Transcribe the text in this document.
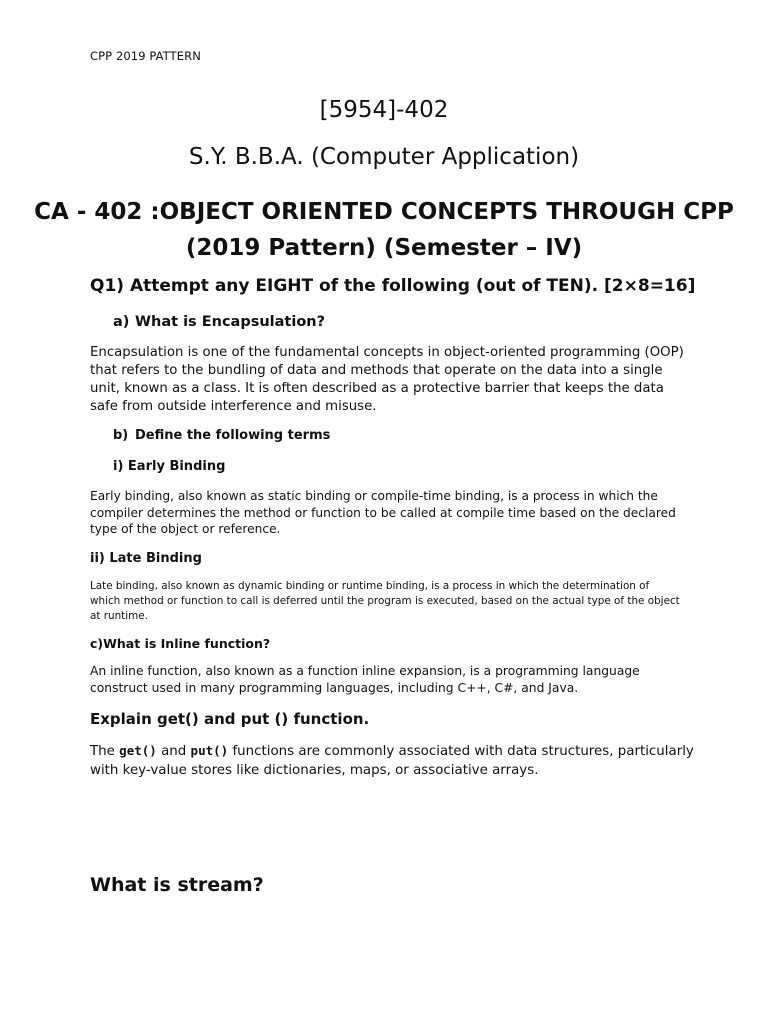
CPP 2019 PATTERN

[5954]-402

S.Y. B.B.A. (Computer Application)

CA - 402 :OBJECT ORIENTED CONCEPTS THROUGH CPP (2019 Pattern) (Semester – IV)

Q1) Attempt any EIGHT of the following (out of TEN). [2×8=16]

a) What is Encapsulation?

Encapsulation is one of the fundamental concepts in object-oriented programming (OOP) that refers to the bundling of data and methods that operate on the data into a single unit, known as a class. It is often described as a protective barrier that keeps the data safe from outside interference and misuse.

b) Define the following terms

i) Early Binding

Early binding, also known as static binding or compile-time binding, is a process in which the compiler determines the method or function to be called at compile time based on the declared type of the object or reference.

ii) Late Binding

Late binding, also known as dynamic binding or runtime binding, is a process in which the determination of which method or function to call is deferred until the program is executed, based on the actual type of the object at runtime.

c)What is Inline function?

An inline function, also known as a function inline expansion, is a programming language construct used in many programming languages, including C++, C#, and Java.

Explain get() and put () function.

The get() and put() functions are commonly associated with data structures, particularly with key-value stores like dictionaries, maps, or associative arrays.

What is stream?
